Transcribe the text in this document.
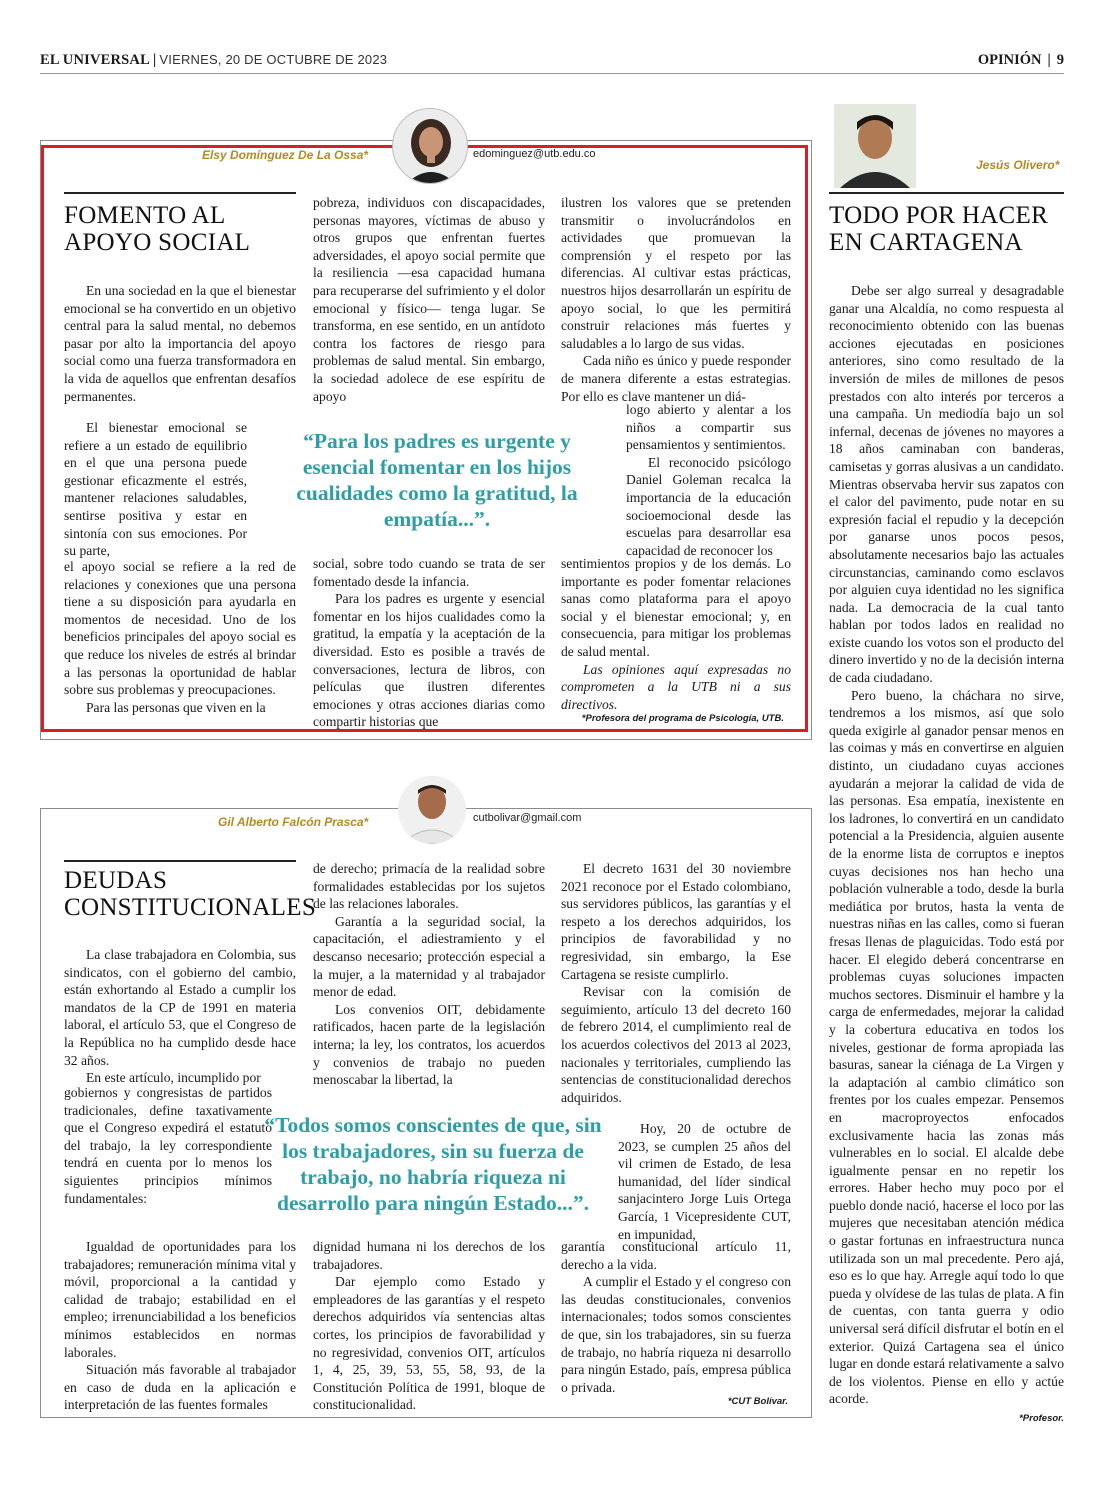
EL UNIVERSAL | VIERNES, 20 DE OCTUBRE DE 2023	OPINIÓN | 9
Elsy Domínguez De La Ossa*	edominguez@utb.edu.co
FOMENTO AL APOYO SOCIAL

En una sociedad en la que el bienestar emocional se ha convertido en un objetivo central para la salud mental, no debemos pasar por alto la importancia del apoyo social como una fuerza transformadora en la vida de aquellos que enfrentan desafíos permanentes.

El bienestar emocional se refiere a un estado de equilibrio en el que una persona puede gestionar eficazmente el estrés, mantener relaciones saludables, sentirse positiva y estar en sintonía con sus emociones. Por su parte,

el apoyo social se refiere a la red de relaciones y conexiones que una persona tiene a su disposición para ayudarla en momentos de necesidad. Uno de los beneficios principales del apoyo social es que reduce los niveles de estrés al brindar a las personas la oportunidad de hablar sobre sus problemas y preocupaciones.

Para las personas que viven en la

pobreza, individuos con discapacidades, personas mayores, víctimas de abuso y otros grupos que enfrentan fuertes adversidades, el apoyo social permite que la resiliencia —esa capacidad humana para recuperarse del sufrimiento y el dolor emocional y físico— tenga lugar. Se transforma, en ese sentido, en un antídoto contra los factores de riesgo para problemas de salud mental. Sin embargo, la sociedad adolece de ese espíritu de apoyo

social, sobre todo cuando se trata de ser fomentado desde la infancia.

Para los padres es urgente y esencial fomentar en los hijos cualidades como la gratitud, la empatía y la aceptación de la diversidad. Esto es posible a través de conversaciones, lectura de libros, con películas que ilustren diferentes emociones y otras acciones diarias como compartir historias que

ilustren los valores que se pretenden transmitir o involucrándolos en actividades que promuevan la comprensión y el respeto por las diferencias. Al cultivar estas prácticas, nuestros hijos desarrollarán un espíritu de apoyo social, lo que les permitirá construir relaciones más fuertes y saludables a lo largo de sus vidas.

Cada niño es único y puede responder de manera diferente a estas estrategias. Por ello es clave mantener un diá-

logo abierto y alentar a los niños a compartir sus pensamientos y sentimientos.

El reconocido psicólogo Daniel Goleman recalca la importancia de la educación socioemocional desde las escuelas para desarrollar esa capacidad de reconocer los

sentimientos propios y de los demás. Lo importante es poder fomentar relaciones sanas como plataforma para el apoyo social y el bienestar emocional; y, en consecuencia, para mitigar los problemas de salud mental.

Las opiniones aquí expresadas no comprometen a la UTB ni a sus directivos.

“Para los padres es urgente y esencial fomentar en los hijos cualidades como la gratitud, la empatía...”.
*Profesora del programa de Psicología, UTB.
Gil Alberto Falcón Prasca*	cutbolivar@gmail.com
DEUDAS CONSTITUCIONALES

La clase trabajadora en Colombia, sus sindicatos, con el gobierno del cambio, están exhortando al Estado a cumplir los mandatos de la CP de 1991 en materia laboral, el artículo 53, que el Congreso de la República no ha cumplido desde hace 32 años.

En este artículo, incumplido por

gobiernos y congresistas de partidos tradicionales, define taxativamente que el Congreso expedirá el estatuto del trabajo, la ley correspondiente tendrá en cuenta por lo menos los siguientes principios mínimos fundamentales:

Igualdad de oportunidades para los trabajadores; remuneración mínima vital y móvil, proporcional a la cantidad y calidad de trabajo; estabilidad en el empleo; irrenunciabilidad a los beneficios mínimos establecidos en normas laborales.

Situación más favorable al trabajador en caso de duda en la aplicación e interpretación de las fuentes formales

de derecho; primacía de la realidad sobre formalidades establecidas por los sujetos de las relaciones laborales.

Garantía a la seguridad social, la capacitación, el adiestramiento y el descanso necesario; protección especial a la mujer, a la maternidad y al trabajador menor de edad.

Los convenios OIT, debidamente ratificados, hacen parte de la legislación interna; la ley, los contratos, los acuerdos y convenios de trabajo no pueden menoscabar la libertad, la

dignidad humana ni los derechos de los trabajadores.

Dar ejemplo como Estado y empleadores de las garantías y el respeto derechos adquiridos vía sentencias altas cortes, los principios de favorabilidad y no regresividad, convenios OIT, artículos 1, 4, 25, 39, 53, 55, 58, 93, de la Constitución Política de 1991, bloque de constitucionalidad.

El decreto 1631 del 30 noviembre 2021 reconoce por el Estado colombiano, sus servidores públicos, las garantías y el respeto a los derechos adquiridos, los principios de favorabilidad y no regresividad, sin embargo, la Ese Cartagena se resiste cumplirlo.

Revisar con la comisión de seguimiento, artículo 13 del decreto 160 de febrero 2014, el cumplimiento real de los acuerdos colectivos del 2013 al 2023, nacionales y territoriales, cumpliendo las sentencias de constitucionalidad derechos adquiridos.

Hoy, 20 de octubre de 2023, se cumplen 25 años del vil crimen de Estado, de lesa humanidad, del líder sindical sanjacintero Jorge Luis Ortega García, 1 Vicepresidente CUT, en impunidad,

garantía constitucional artículo 11, derecho a la vida.

A cumplir el Estado y el congreso con las deudas constitucionales, convenios internacionales; todos somos conscientes de que, sin los trabajadores, sin su fuerza de trabajo, no habría riqueza ni desarrollo para ningún Estado, país, empresa pública o privada.

“Todos somos conscientes de que, sin los trabajadores, sin su fuerza de trabajo, no habría riqueza ni desarrollo para ningún Estado...”.
*CUT Bolívar.
Jesús Olivero*
TODO POR HACER EN CARTAGENA

Debe ser algo surreal y desagradable ganar una Alcaldía, no como respuesta al reconocimiento obtenido con las buenas acciones ejecutadas en posiciones anteriores, sino como resultado de la inversión de miles de millones de pesos prestados con alto interés por terceros a una campaña. Un mediodía bajo un sol infernal, decenas de jóvenes no mayores a 18 años caminaban con banderas, camisetas y gorras alusivas a un candidato. Mientras observaba hervir sus zapatos con el calor del pavimento, pude notar en su expresión facial el repudio y la decepción por ganarse unos pocos pesos, absolutamente necesarios bajo las actuales circunstancias, caminando como esclavos por alguien cuya identidad no les significa nada. La democracia de la cual tanto hablan por todos lados en realidad no existe cuando los votos son el producto del dinero invertido y no de la decisión interna de cada ciudadano.

Pero bueno, la cháchara no sirve, tendremos a los mismos, así que solo queda exigirle al ganador pensar menos en las coimas y más en convertirse en alguien distinto, un ciudadano cuyas acciones ayudarán a mejorar la calidad de vida de las personas. Esa empatía, inexistente en los ladrones, lo convertirá en un candidato potencial a la Presidencia, alguien ausente de la enorme lista de corruptos e ineptos cuyas decisiones nos han hecho una población vulnerable a todo, desde la burla mediática por brutos, hasta la venta de nuestras niñas en las calles, como si fueran fresas llenas de plaguicidas. Todo está por hacer. El elegido deberá concentrarse en problemas cuyas soluciones impacten muchos sectores. Disminuir el hambre y la carga de enfermedades, mejorar la calidad y la cobertura educativa en todos los niveles, gestionar de forma apropiada las basuras, sanear la ciénaga de La Virgen y la adaptación al cambio climático son frentes por los cuales empezar. Pensemos en macroproyectos enfocados exclusivamente hacia las zonas más vulnerables en lo social. El alcalde debe igualmente pensar en no repetir los errores. Haber hecho muy poco por el pueblo donde nació, hacerse el loco por las mujeres que necesitaban atención médica o gastar fortunas en infraestructura nunca utilizada son un mal precedente. Pero ajá, eso es lo que hay. Arregle aquí todo lo que pueda y olvídese de las tulas de plata. A fin de cuentas, con tanta guerra y odio universal será difícil disfrutar el botín en el exterior. Quizá Cartagena sea el único lugar en donde estará relativamente a salvo de los violentos. Piense en ello y actúe acorde.

*Profesor.
